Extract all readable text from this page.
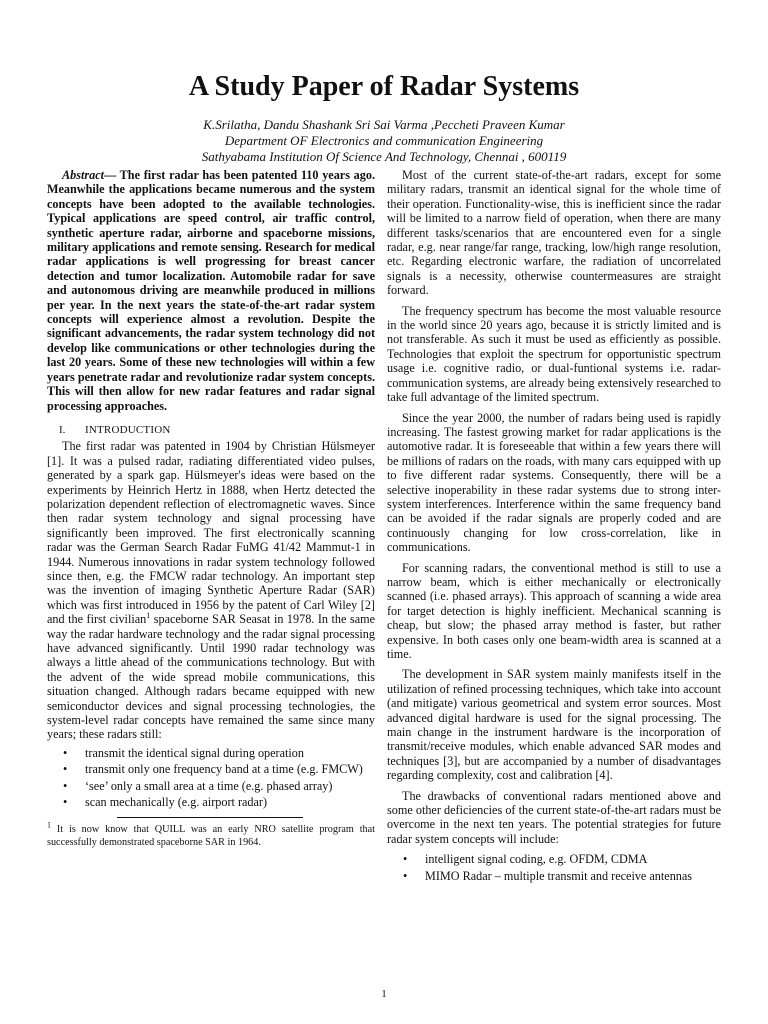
A Study Paper of Radar Systems
K.Srilatha, Dandu Shashank Sri Sai Varma ,Peccheti Praveen Kumar
Department OF Electronics and communication Engineering
Sathyabama Institution Of Science And Technology, Chennai , 600119
Abstract— The first radar has been patented 110 years ago. Meanwhile the applications became numerous and the system concepts have been adopted to the available technologies. Typical applications are speed control, air traffic control, synthetic aperture radar, airborne and spaceborne missions, military applications and remote sensing. Research for medical radar applications is well progressing for breast cancer detection and tumor localization. Automobile radar for save and autonomous driving are meanwhile produced in millions per year. In the next years the state-of-the-art radar system concepts will experience almost a revolution. Despite the significant advancements, the radar system technology did not develop like communications or other technologies during the last 20 years. Some of these new technologies will within a few years penetrate radar and revolutionize radar system concepts. This will then allow for new radar features and radar signal processing approaches.
I. INTRODUCTION

The first radar was patented in 1904 by Christian Hülsmeyer [1]. It was a pulsed radar, radiating differentiated video pulses, generated by a spark gap. Hülsmeyer's ideas were based on the experiments by Heinrich Hertz in 1888, when Hertz detected the polarization dependent reflection of electromagnetic waves. Since then radar system technology and signal processing have significantly been improved. The first electronically scanning radar was the German Search Radar FuMG 41/42 Mammut-1 in 1944. Numerous innovations in radar system technology followed since then, e.g. the FMCW radar technology. An important step was the invention of imaging Synthetic Aperture Radar (SAR) which was first introduced in 1956 by the patent of Carl Wiley [2] and the first civilian$^1$ spaceborne SAR Seasat in 1978. In the same way the radar hardware technology and the radar signal processing have advanced significantly. Until 1990 radar technology was always a little ahead of the communications technology. But with the advent of the wide spread mobile communications, this situation changed. Although radars became equipped with new semiconductor devices and signal processing technologies, the system-level radar concepts have remained the same since many years; these radars still:

• transmit the identical signal during operation
• transmit only one frequency band at a time (e.g. FMCW)
• ‘see’ only a small area at a time (e.g. phased array)
• scan mechanically (e.g. airport radar)

$^1$ It is now know that QUILL was an early NRO satellite program that successfully demonstrated spaceborne SAR in 1964.

Most of the current state-of-the-art radars, except for some military radars, transmit an identical signal for the whole time of their operation. Functionality-wise, this is inefficient since the radar will be limited to a narrow field of operation, when there are many different tasks/scenarios that are encountered even for a single radar, e.g. near range/far range, tracking, low/high range resolution, etc. Regarding electronic warfare, the radiation of uncorrelated signals is a necessity, otherwise countermeasures are straight forward.

The frequency spectrum has become the most valuable resource in the world since 20 years ago, because it is strictly limited and is not transferable. As such it must be used as efficiently as possible. Technologies that exploit the spectrum for opportunistic spectrum usage i.e. cognitive radio, or dual-funtional systems i.e. radar-communication systems, are already being extensively researched to take full advantage of the limited spectrum.

Since the year 2000, the number of radars being used is rapidly increasing. The fastest growing market for radar applications is the automotive radar. It is foreseeable that within a few years there will be millions of radars on the roads, with many cars equipped with up to five different radar systems. Consequently, there will be a selective inoperability in these radar systems due to strong inter-system interferences. Interference within the same frequency band can be avoided if the radar signals are properly coded and are continuously changing for low cross-correlation, like in communications.

For scanning radars, the conventional method is still to use a narrow beam, which is either mechanically or electronically scanned (i.e. phased arrays). This approach of scanning a wide area for target detection is highly inefficient. Mechanical scanning is cheap, but slow; the phased array method is faster, but rather expensive. In both cases only one beam-width area is scanned at a time.

The development in SAR system mainly manifests itself in the utilization of refined processing techniques, which take into account (and mitigate) various geometrical and system error sources. Most advanced digital hardware is used for the signal processing. The main change in the instrument hardware is the incorporation of transmit/receive modules, which enable advanced SAR modes and techniques [3], but are accompanied by a number of disadvantages regarding complexity, cost and calibration [4].

The drawbacks of conventional radars mentioned above and some other deficiencies of the current state-of-the-art radars must be overcome in the next ten years. The potential strategies for future radar system concepts will include:

• intelligent signal coding, e.g. OFDM, CDMA
• MIMO Radar – multiple transmit and receive antennas
1
